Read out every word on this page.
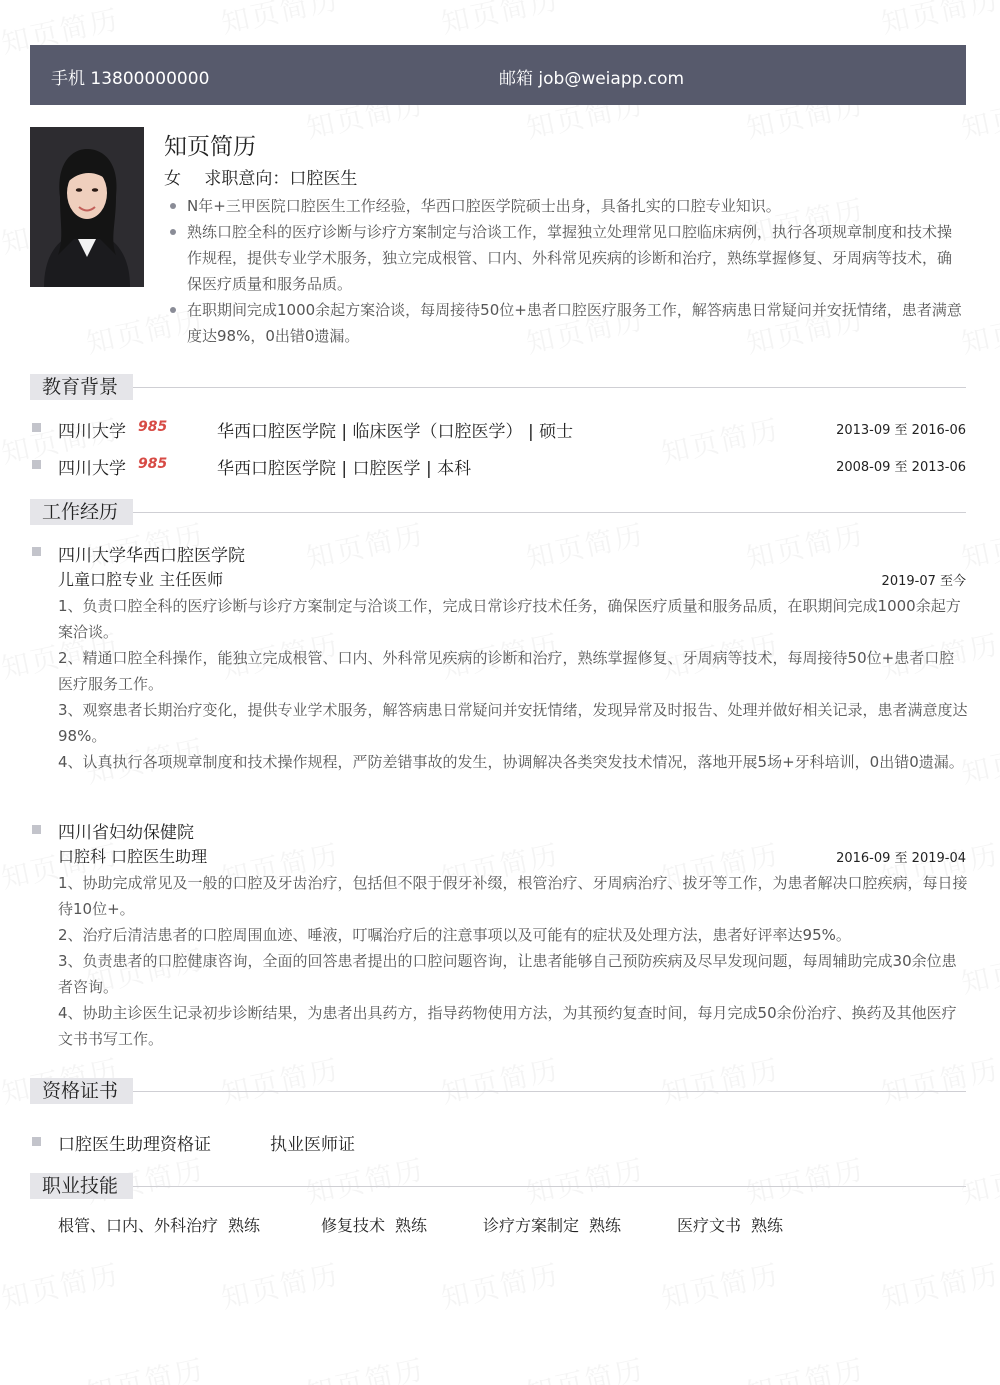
手机 13800000000	邮箱 job@weiapp.com
知页简历
女 求职意向：口腔医生
N年+三甲医院口腔医生工作经验，华西口腔医学院硕士出身，具备扎实的口腔专业知识。
熟练口腔全科的医疗诊断与诊疗方案制定与洽谈工作，掌握独立处理常见口腔临床病例，执行各项规章制度和技术操作规程，提供专业学术服务，独立完成根管、口内、外科常见疾病的诊断和治疗，熟练掌握修复、牙周病等技术，确保医疗质量和服务品质。
在职期间完成1000余起方案洽谈，每周接待50位+患者口腔医疗服务工作，解答病患日常疑问并安抚情绪，患者满意度达98%，0出错0遗漏。
教育背景
四川大学 985	华西口腔医学院 | 临床医学（口腔医学） | 硕士	2013-09 至 2016-06
四川大学 985	华西口腔医学院 | 口腔医学 | 本科	2008-09 至 2013-06
工作经历
四川大学华西口腔医学院
儿童口腔专业 主任医师	2019-07 至今
1、负责口腔全科的医疗诊断与诊疗方案制定与洽谈工作，完成日常诊疗技术任务，确保医疗质量和服务品质，在职期间完成1000余起方案洽谈。
2、精通口腔全科操作，能独立完成根管、口内、外科常见疾病的诊断和治疗，熟练掌握修复、牙周病等技术，每周接待50位+患者口腔医疗服务工作。
3、观察患者长期治疗变化，提供专业学术服务，解答病患日常疑问并安抚情绪，发现异常及时报告、处理并做好相关记录，患者满意度达98%。
4、认真执行各项规章制度和技术操作规程，严防差错事故的发生，协调解决各类突发技术情况，落地开展5场+牙科培训，0出错0遗漏。
四川省妇幼保健院
口腔科 口腔医生助理	2016-09 至 2019-04
1、协助完成常见及一般的口腔及牙齿治疗，包括但不限于假牙补缀，根管治疗、牙周病治疗、拔牙等工作，为患者解决口腔疾病，每日接待10位+。
2、治疗后清洁患者的口腔周围血迹、唾液，叮嘱治疗后的注意事项以及可能有的症状及处理方法，患者好评率达95%。
3、负责患者的口腔健康咨询，全面的回答患者提出的口腔问题咨询，让患者能够自己预防疾病及尽早发现问题，每周辅助完成30余位患者咨询。
4、协助主诊医生记录初步诊断结果，为患者出具药方，指导药物使用方法，为其预约复查时间，每月完成50余份治疗、换药及其他医疗文书书写工作。
资格证书
口腔医生助理资格证	执业医师证
职业技能
根管、口内、外科治疗 熟练	修复技术 熟练	诊疗方案制定 熟练	医疗文书 熟练
